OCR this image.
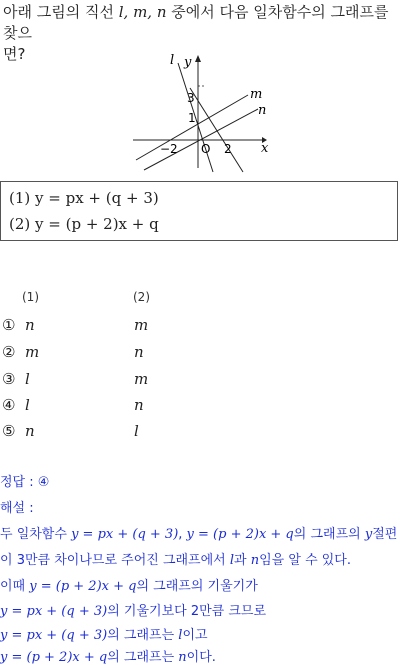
아래 그림의 직선 l, m, n 중에서 다음 일차함수의 그래프를 찾으
면?	l y
m
n
x
3
1
−2 O 2
(1) y = px + (q + 3)
(2) y = (p + 2)x + q
(1)	(2)
① n	m
② m	n
③ l	m
④ l	n
⑤ n	l
정답 : ④
해설 :
두 일차함수 y = px + (q + 3), y = (p + 2)x + q의 그래프의 y절편
이 3만큼 차이나므로 주어진 그래프에서 l과 n임을 알 수 있다.
이때 y = (p + 2)x + q의 그래프의 기울기가
y = px + (q + 3)의 기울기보다 2만큼 크므로
y = px + (q + 3)의 그래프는 l이고
y = (p + 2)x + q의 그래프는 n이다.
